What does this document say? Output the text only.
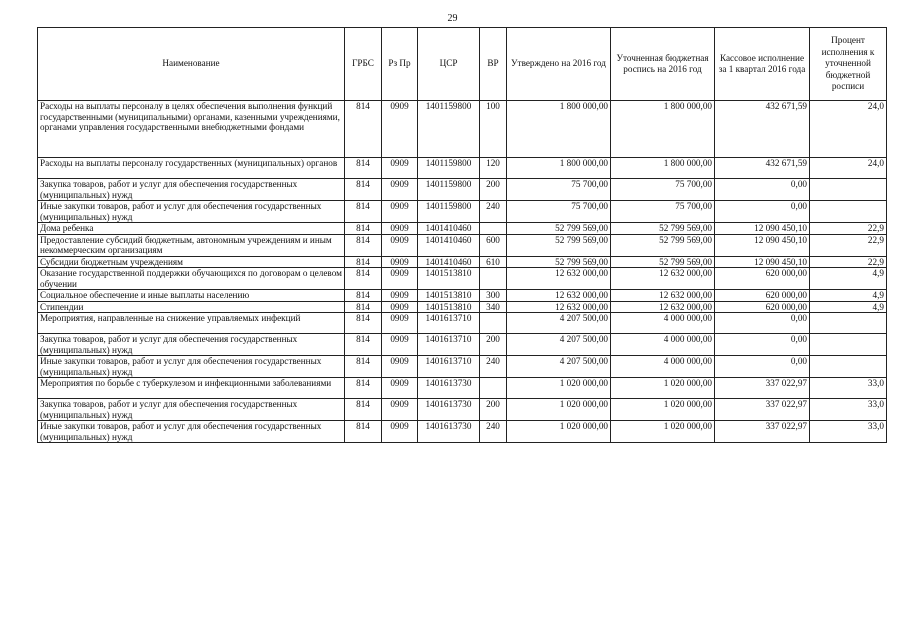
29
Наименование	ГРБС	Рз Пр	ЦСР	ВР	Утверждено на 2016 год	Уточненная бюджетная роспись на 2016 год	Кассовое исполнение за 1 квартал 2016 года	Процент исполнения к уточненной бюджетной росписи
Расходы на выплаты персоналу в целях обеспечения выполнения функций государственными (муниципальными) органами, казенными учреждениями, органами управления государственными внебюджетными фондами	814	0909	1401159800	100	1 800 000,00	1 800 000,00	432 671,59	24,0
Расходы на выплаты персоналу государственных (муниципальных) органов	814	0909	1401159800	120	1 800 000,00	1 800 000,00	432 671,59	24,0
Закупка товаров, работ и услуг для обеспечения государственных (муниципальных) нужд	814	0909	1401159800	200	75 700,00	75 700,00	0,00	
Иные закупки товаров, работ и услуг для обеспечения государственных (муниципальных) нужд	814	0909	1401159800	240	75 700,00	75 700,00	0,00	
Дома ребенка	814	0909	1401410460		52 799 569,00	52 799 569,00	12 090 450,10	22,9
Предоставление субсидий бюджетным, автономным учреждениям и иным некоммерческим организациям	814	0909	1401410460	600	52 799 569,00	52 799 569,00	12 090 450,10	22,9
Субсидии бюджетным учреждениям	814	0909	1401410460	610	52 799 569,00	52 799 569,00	12 090 450,10	22,9
Оказание государственной поддержки обучающихся по договорам о целевом обучении	814	0909	1401513810		12 632 000,00	12 632 000,00	620 000,00	4,9
Социальное обеспечение и иные выплаты населению	814	0909	1401513810	300	12 632 000,00	12 632 000,00	620 000,00	4,9
Стипендии	814	0909	1401513810	340	12 632 000,00	12 632 000,00	620 000,00	4,9
Мероприятия, направленные на снижение управляемых инфекций	814	0909	1401613710		4 207 500,00	4 000 000,00	0,00	
Закупка товаров, работ и услуг для обеспечения государственных (муниципальных) нужд	814	0909	1401613710	200	4 207 500,00	4 000 000,00	0,00	
Иные закупки товаров, работ и услуг для обеспечения государственных (муниципальных) нужд	814	0909	1401613710	240	4 207 500,00	4 000 000,00	0,00	
Мероприятия по борьбе с туберкулезом и инфекционными заболеваниями	814	0909	1401613730		1 020 000,00	1 020 000,00	337 022,97	33,0
Закупка товаров, работ и услуг для обеспечения государственных (муниципальных) нужд	814	0909	1401613730	200	1 020 000,00	1 020 000,00	337 022,97	33,0
Иные закупки товаров, работ и услуг для обеспечения государственных (муниципальных) нужд	814	0909	1401613730	240	1 020 000,00	1 020 000,00	337 022,97	33,0
